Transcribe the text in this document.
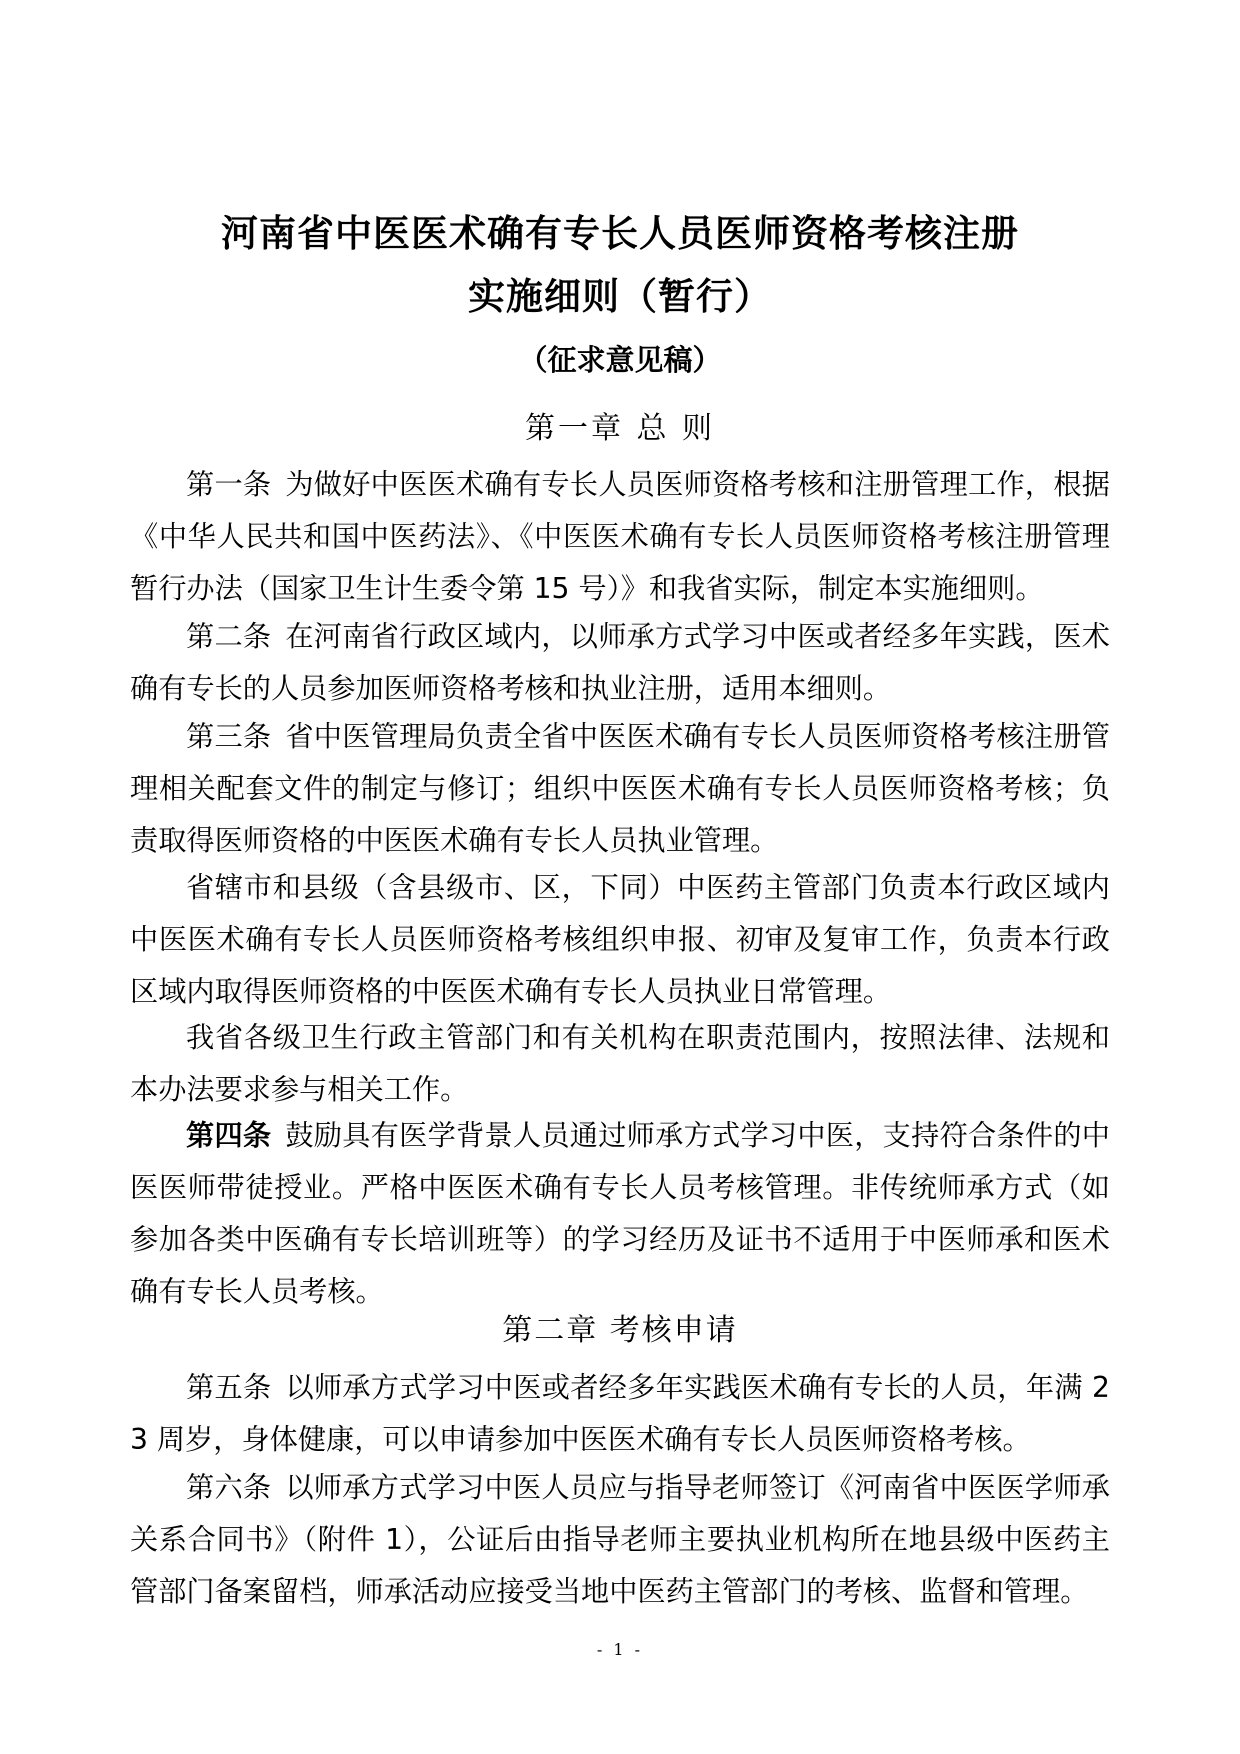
河南省中医医术确有专长人员医师资格考核注册
实施细则（暂行）
（征求意见稿）
第一章 总 则
第一条 为做好中医医术确有专长人员医师资格考核和注册管理工作，根据《中华人民共和国中医药法》、《中医医术确有专长人员医师资格考核注册管理暂行办法（国家卫生计生委令第 15 号）》和我省实际，制定本实施细则。
第二条 在河南省行政区域内，以师承方式学习中医或者经多年实践，医术确有专长的人员参加医师资格考核和执业注册，适用本细则。
第三条 省中医管理局负责全省中医医术确有专长人员医师资格考核注册管理相关配套文件的制定与修订；组织中医医术确有专长人员医师资格考核；负责取得医师资格的中医医术确有专长人员执业管理。
省辖市和县级（含县级市、区，下同）中医药主管部门负责本行政区域内中医医术确有专长人员医师资格考核组织申报、初审及复审工作，负责本行政区域内取得医师资格的中医医术确有专长人员执业日常管理。
我省各级卫生行政主管部门和有关机构在职责范围内，按照法律、法规和本办法要求参与相关工作。
第四条 鼓励具有医学背景人员通过师承方式学习中医，支持符合条件的中医医师带徒授业。严格中医医术确有专长人员考核管理。非传统师承方式（如参加各类中医确有专长培训班等）的学习经历及证书不适用于中医师承和医术确有专长人员考核。
第二章 考核申请
第五条 以师承方式学习中医或者经多年实践医术确有专长的人员，年满 23 周岁，身体健康，可以申请参加中医医术确有专长人员医师资格考核。
第六条 以师承方式学习中医人员应与指导老师签订《河南省中医医学师承关系合同书》（附件 1），公证后由指导老师主要执业机构所在地县级中医药主管部门备案留档，师承活动应接受当地中医药主管部门的考核、监督和管理。
- 1 -
